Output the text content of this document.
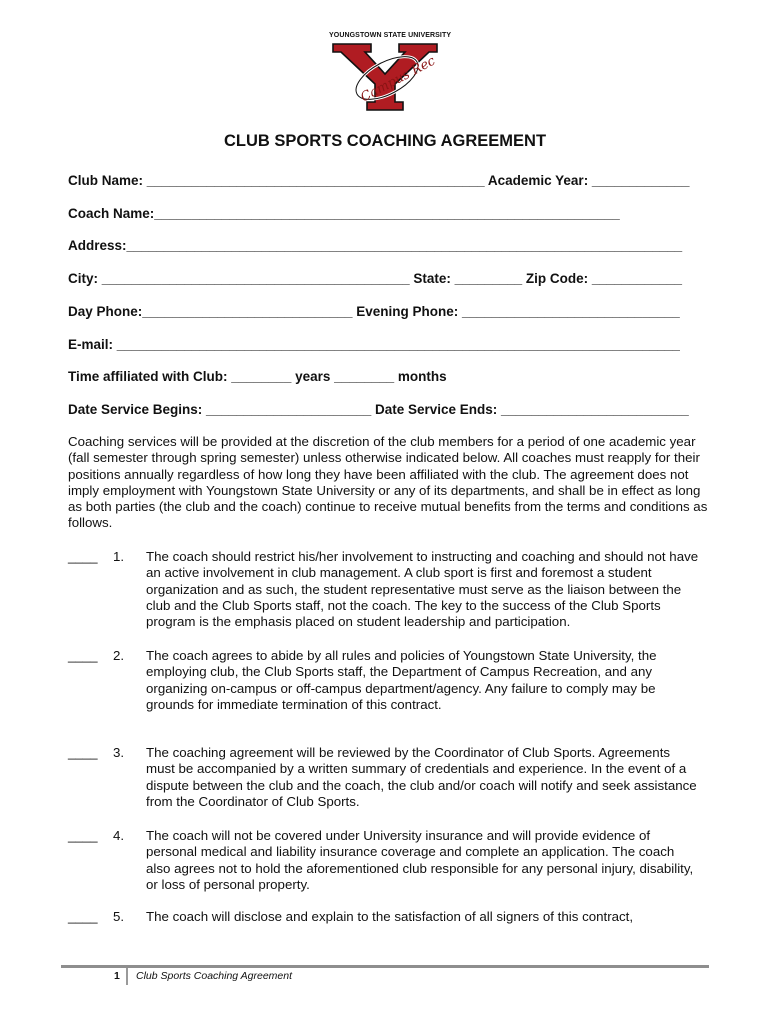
YOUNGSTOWN STATE UNIVERSITY
Campus Rec
CLUB SPORTS COACHING AGREEMENT
Club Name: _____________________________________________ Academic Year: _____________
Coach Name:______________________________________________________________
Address:__________________________________________________________________________
City: _________________________________________ State: _________ Zip Code: ____________
Day Phone:____________________________ Evening Phone: _____________________________
E-mail: ___________________________________________________________________________
Time affiliated with Club: ________ years ________ months
Date Service Begins: ______________________ Date Service Ends: _________________________
Coaching services will be provided at the discretion of the club members for a period of one academic year (fall semester through spring semester) unless otherwise indicated below. All coaches must reapply for their positions annually regardless of how long they have been affiliated with the club. The agreement does not imply employment with Youngstown State University or any of its departments, and shall be in effect as long as both parties (the club and the coach) continue to receive mutual benefits from the terms and conditions as follows.
____ 1. The coach should restrict his/her involvement to instructing and coaching and should not have an active involvement in club management. A club sport is first and foremost a student organization and as such, the student representative must serve as the liaison between the club and the Club Sports staff, not the coach. The key to the success of the Club Sports program is the emphasis placed on student leadership and participation.
____ 2. The coach agrees to abide by all rules and policies of Youngstown State University, the employing club, the Club Sports staff, the Department of Campus Recreation, and any organizing on-campus or off-campus department/agency. Any failure to comply may be grounds for immediate termination of this contract.
____ 3. The coaching agreement will be reviewed by the Coordinator of Club Sports. Agreements must be accompanied by a written summary of credentials and experience. In the event of a dispute between the club and the coach, the club and/or coach will notify and seek assistance from the Coordinator of Club Sports.
____ 4. The coach will not be covered under University insurance and will provide evidence of personal medical and liability insurance coverage and complete an application. The coach also agrees not to hold the aforementioned club responsible for any personal injury, disability, or loss of personal property.
____ 5. The coach will disclose and explain to the satisfaction of all signers of this contract,
1 Club Sports Coaching Agreement
